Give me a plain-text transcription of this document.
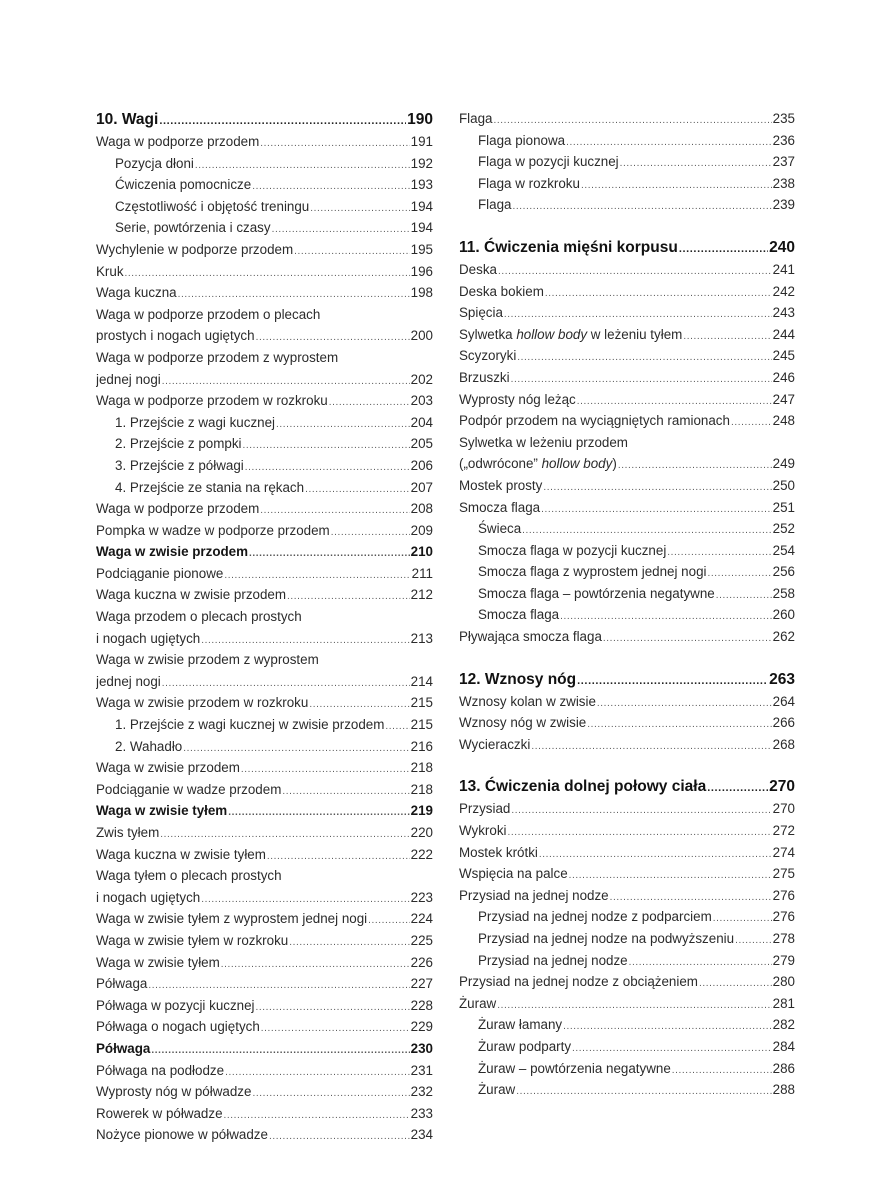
10. Wagi .....	190
Waga w podporze przodem .....	191
Pozycja dłoni .....	192
Ćwiczenia pomocnicze .....	193
Częstotliwość i objętość treningu .....	194
Serie, powtórzenia i czasy .....	194
Wychylenie w podporze przodem .....	195
Kruk .....	196
Waga kuczna .....	198
Waga w podporze przodem o plecach
prostych i nogach ugiętych .....	200
Waga w podporze przodem z wyprostem
jednej nogi .....	202
Waga w podporze przodem w rozkroku .....	203
1. Przejście z wagi kucznej .....	204
2. Przejście z pompki .....	205
3. Przejście z półwagi .....	206
4. Przejście ze stania na rękach .....	207
Waga w podporze przodem .....	208
Pompka w wadze w podporze przodem .....	209
Waga w zwisie przodem .....	210
Podciąganie pionowe .....	211
Waga kuczna w zwisie przodem .....	212
Waga przodem o plecach prostych
i nogach ugiętych .....	213
Waga w zwisie przodem z wyprostem
jednej nogi .....	214
Waga w zwisie przodem w rozkroku .....	215
1. Przejście z wagi kucznej w zwisie przodem ..... 215
2. Wahadło .....	216
Waga w zwisie przodem .....	218
Podciąganie w wadze przodem .....	218
Waga w zwisie tyłem .....	219
Zwis tyłem .....	220
Waga kuczna w zwisie tyłem .....	222
Waga tyłem o plecach prostych
i nogach ugiętych .....	223
Waga w zwisie tyłem z wyprostem jednej nogi .....	224
Waga w zwisie tyłem w rozkroku .....	225
Waga w zwisie tyłem .....	226
Półwaga .....	227
Półwaga w pozycji kucznej .....	228
Półwaga o nogach ugiętych .....	229
Półwaga .....	230
Półwaga na podłodze .....	231
Wyprosty nóg w półwadze .....	232
Rowerek w półwadze .....	233
Nożyce pionowe w półwadze .....	234
Flaga .....	235
Flaga pionowa .....	236
Flaga w pozycji kucznej .....	237
Flaga w rozkroku .....	238
Flaga .....	239
11. Ćwiczenia mięśni korpusu .....	240
Deska .....	241
Deska bokiem .....	242
Spięcia .....	243
Sylwetka hollow body w leżeniu tyłem .....	244
Scyzoryki .....	245
Brzuszki .....	246
Wyprosty nóg leżąc .....	247
Podpór przodem na wyciągniętych ramionach .....	248
Sylwetka w leżeniu przodem
(„odwrócone” hollow body) .....	249
Mostek prosty .....	250
Smocza flaga .....	251
Świeca .....	252
Smocza flaga w pozycji kucznej .....	254
Smocza flaga z wyprostem jednej nogi .....	256
Smocza flaga – powtórzenia negatywne .....	258
Smocza flaga .....	260
Pływająca smocza flaga .....	262
12. Wznosy nóg .....	263
Wznosy kolan w zwisie .....	264
Wznosy nóg w zwisie .....	266
Wycieraczki .....	268
13. Ćwiczenia dolnej połowy ciała .....	270
Przysiad .....	270
Wykroki .....	272
Mostek krótki .....	274
Wspięcia na palce .....	275
Przysiad na jednej nodze .....	276
Przysiad na jednej nodze z podparciem .....	276
Przysiad na jednej nodze na podwyższeniu .....	278
Przysiad na jednej nodze .....	279
Przysiad na jednej nodze z obciążeniem .....	280
Żuraw .....	281
Żuraw łamany .....	282
Żuraw podparty .....	284
Żuraw – powtórzenia negatywne .....	286
Żuraw .....	288
